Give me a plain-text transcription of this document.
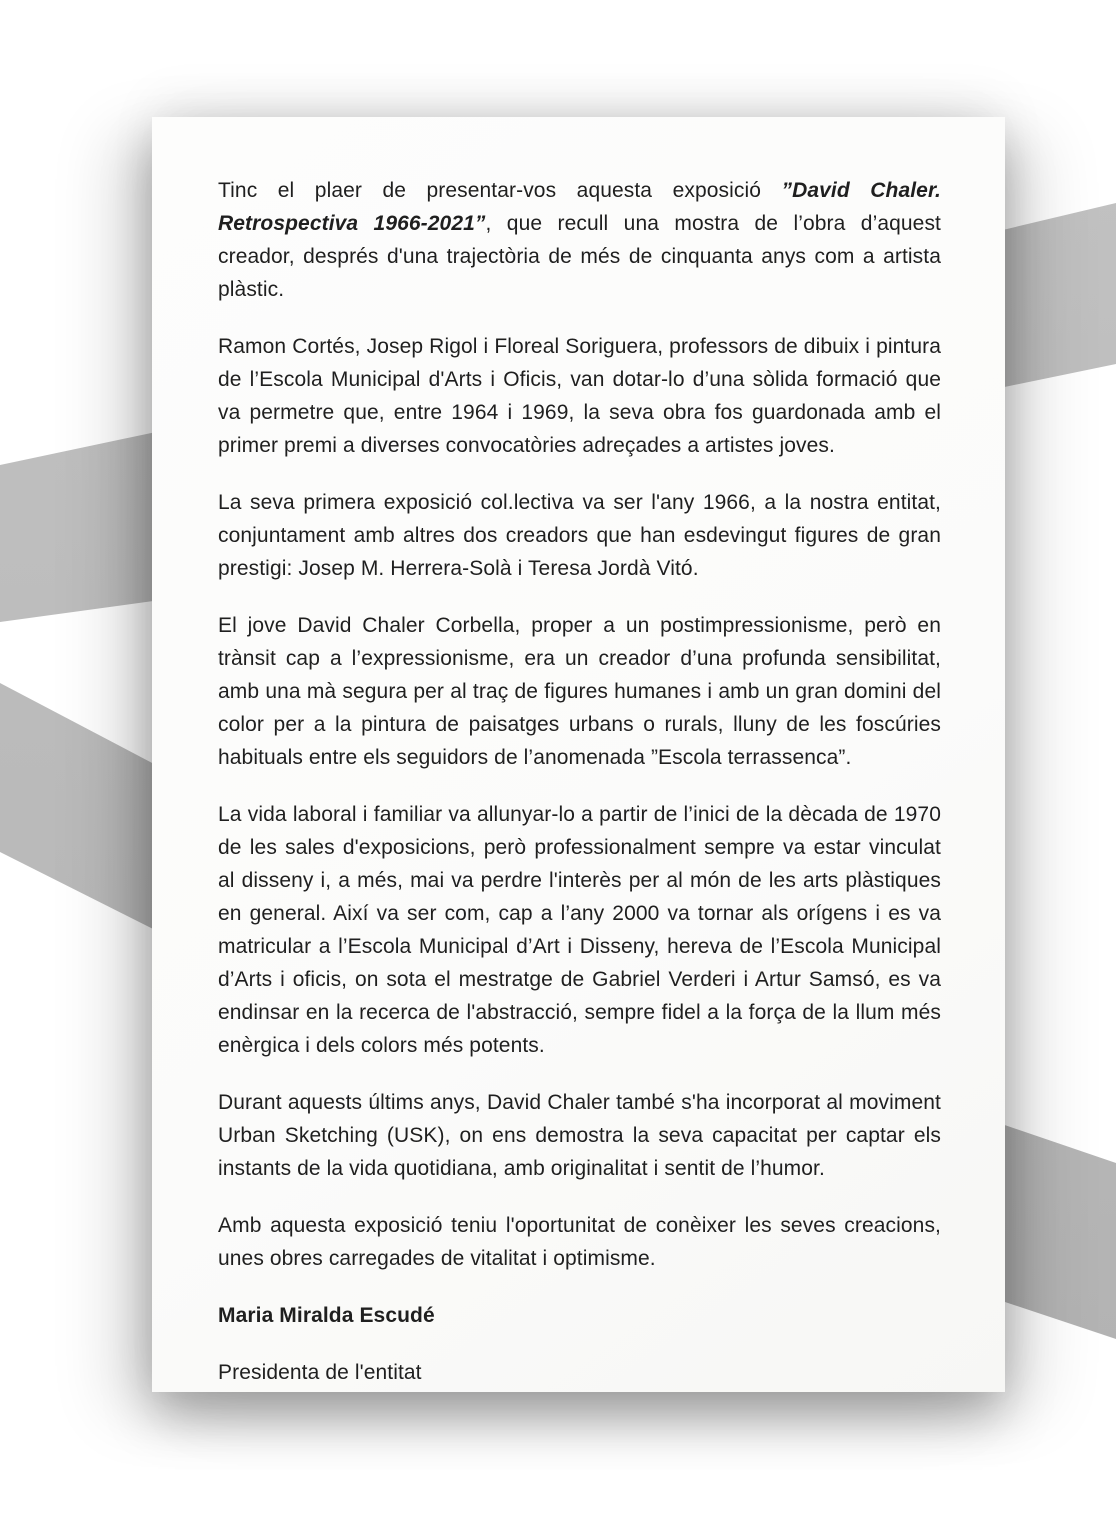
Tinc el plaer de presentar-vos aquesta exposició ”David Chaler. Retrospectiva 1966-2021”, que recull una mostra de l’obra d’aquest creador, després d'una trajectòria de més de cinquanta anys com a artista plàstic.

Ramon Cortés, Josep Rigol i Floreal Soriguera, professors de dibuix i pintura de l’Escola Municipal d'Arts i Oficis, van dotar-lo d’una sòlida formació que va permetre que, entre 1964 i 1969, la seva obra fos guardonada amb el primer premi a diverses convocatòries adreçades a artistes joves.

La seva primera exposició col.lectiva va ser l'any 1966, a la nostra entitat, conjuntament amb altres dos creadors que han esdevingut figures de gran prestigi: Josep M. Herrera-Solà i Teresa Jordà Vitó.

El jove David Chaler Corbella, proper a un postimpressionisme, però en trànsit cap a l’expressionisme, era un creador d’una profunda sensibilitat, amb una mà segura per al traç de figures humanes i amb un gran domini del color per a la pintura de paisatges urbans o rurals, lluny de les foscúries habituals entre els seguidors de l’anomenada ”Escola terrassenca”.

La vida laboral i familiar va allunyar-lo a partir de l’inici de la dècada de 1970 de les sales d'exposicions, però professionalment sempre va estar vinculat al disseny i, a més, mai va perdre l'interès per al món de les arts plàstiques en general. Així va ser com, cap a l’any 2000 va tornar als orígens i es va matricular a l’Escola Municipal d’Art i Disseny, hereva de l’Escola Municipal d’Arts i oficis, on sota el mestratge de Gabriel Verderi i Artur Samsó, es va endinsar en la recerca de l'abstracció, sempre fidel a la força de la llum més enèrgica i dels colors més potents.

Durant aquests últims anys, David Chaler també s'ha incorporat al moviment Urban Sketching (USK), on ens demostra la seva capacitat per captar els instants de la vida quotidiana, amb originalitat i sentit de l’humor.

Amb aquesta exposició teniu l'oportunitat de conèixer les seves creacions, unes obres carregades de vitalitat i optimisme.

Maria Miralda Escudé

Presidenta de l'entitat
